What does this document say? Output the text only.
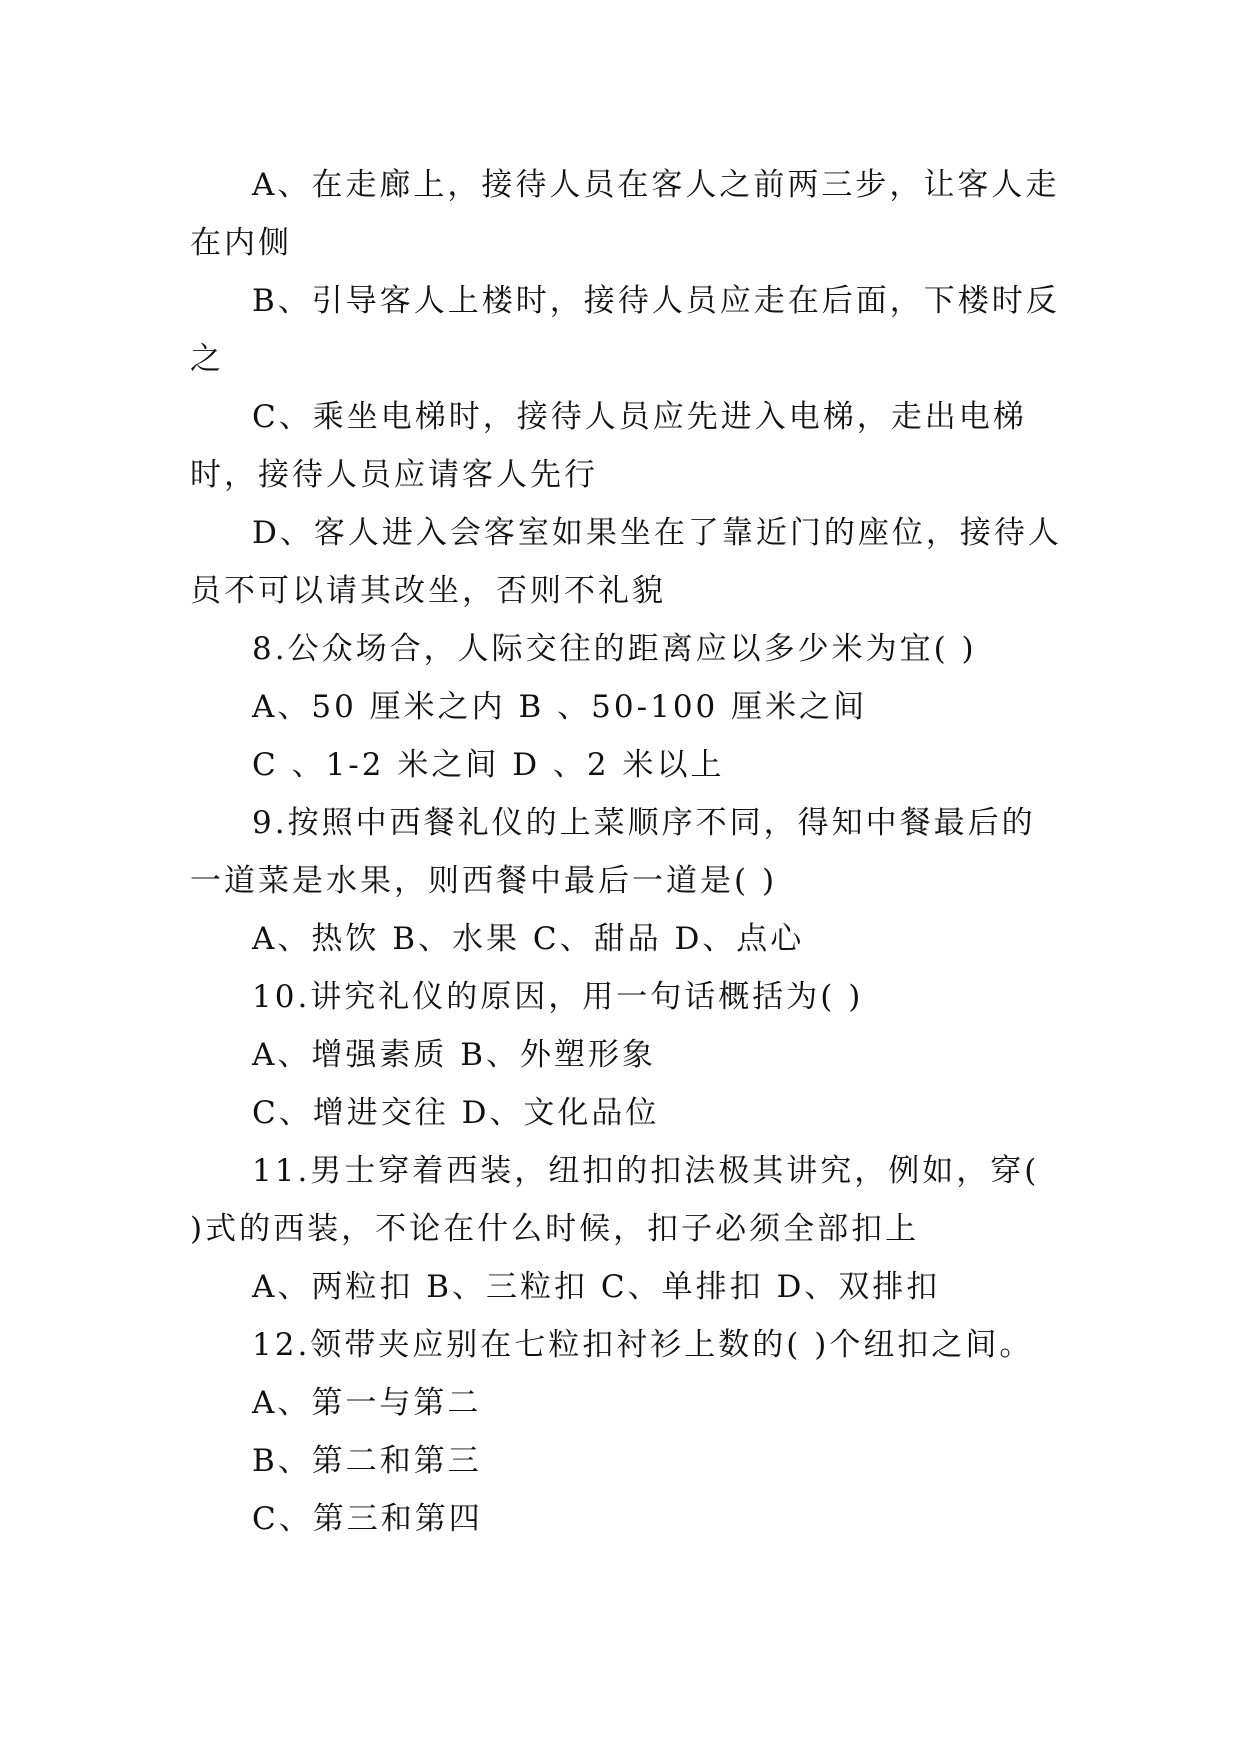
A、在走廊上，接待人员在客人之前两三步，让客人走在内侧

B、引导客人上楼时，接待人员应走在后面，下楼时反之

C、乘坐电梯时，接待人员应先进入电梯，走出电梯时，接待人员应请客人先行

D、客人进入会客室如果坐在了靠近门的座位，接待人员不可以请其改坐，否则不礼貌

8.公众场合，人际交往的距离应以多少米为宜( )

A、50 厘米之内 B 、50-100 厘米之间

C 、1-2 米之间 D 、2 米以上

9.按照中西餐礼仪的上菜顺序不同，得知中餐最后的一道菜是水果，则西餐中最后一道是( )

A、热饮 B、水果 C、甜品 D、点心

10.讲究礼仪的原因，用一句话概括为( )

A、增强素质 B、外塑形象

C、增进交往 D、文化品位

11.男士穿着西装，纽扣的扣法极其讲究，例如，穿( )式的西装，不论在什么时候，扣子必须全部扣上

A、两粒扣 B、三粒扣 C、单排扣 D、双排扣

12.领带夹应别在七粒扣衬衫上数的( )个纽扣之间。

A、第一与第二

B、第二和第三

C、第三和第四
